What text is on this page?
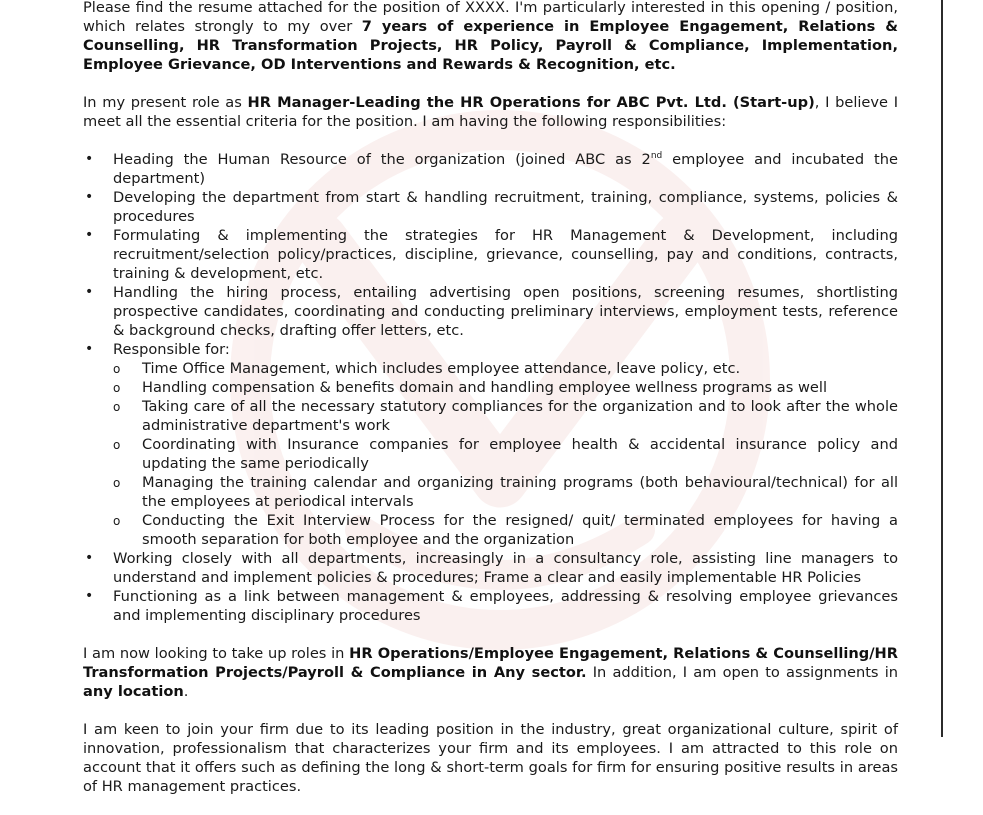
Please find the resume attached for the position of XXXX. I'm particularly interested in this opening / position, which relates strongly to my over 7 years of experience in Employee Engagement, Relations & Counselling, HR Transformation Projects, HR Policy, Payroll & Compliance, Implementation, Employee Grievance, OD Interventions and Rewards & Recognition, etc.

In my present role as HR Manager-Leading the HR Operations for ABC Pvt. Ltd. (Start-up), I believe I meet all the essential criteria for the position. I am having the following responsibilities:

• Heading the Human Resource of the organization (joined ABC as 2nd employee and incubated the department)
• Developing the department from start & handling recruitment, training, compliance, systems, policies & procedures
• Formulating & implementing the strategies for HR Management & Development, including recruitment/selection policy/practices, discipline, grievance, counselling, pay and conditions, contracts, training & development, etc.
• Handling the hiring process, entailing advertising open positions, screening resumes, shortlisting prospective candidates, coordinating and conducting preliminary interviews, employment tests, reference & background checks, drafting offer letters, etc.
• Responsible for:
o Time Office Management, which includes employee attendance, leave policy, etc.
o Handling compensation & benefits domain and handling employee wellness programs as well
o Taking care of all the necessary statutory compliances for the organization and to look after the whole administrative department's work
o Coordinating with Insurance companies for employee health & accidental insurance policy and updating the same periodically
o Managing the training calendar and organizing training programs (both behavioural/technical) for all the employees at periodical intervals
o Conducting the Exit Interview Process for the resigned/ quit/ terminated employees for having a smooth separation for both employee and the organization
• Working closely with all departments, increasingly in a consultancy role, assisting line managers to understand and implement policies & procedures; Frame a clear and easily implementable HR Policies
• Functioning as a link between management & employees, addressing & resolving employee grievances and implementing disciplinary procedures

I am now looking to take up roles in HR Operations/Employee Engagement, Relations & Counselling/HR Transformation Projects/Payroll & Compliance in Any sector. In addition, I am open to assignments in any location.

I am keen to join your firm due to its leading position in the industry, great organizational culture, spirit of innovation, professionalism that characterizes your firm and its employees. I am attracted to this role on account that it offers such as defining the long & short-term goals for firm for ensuring positive results in areas of HR management practices.
